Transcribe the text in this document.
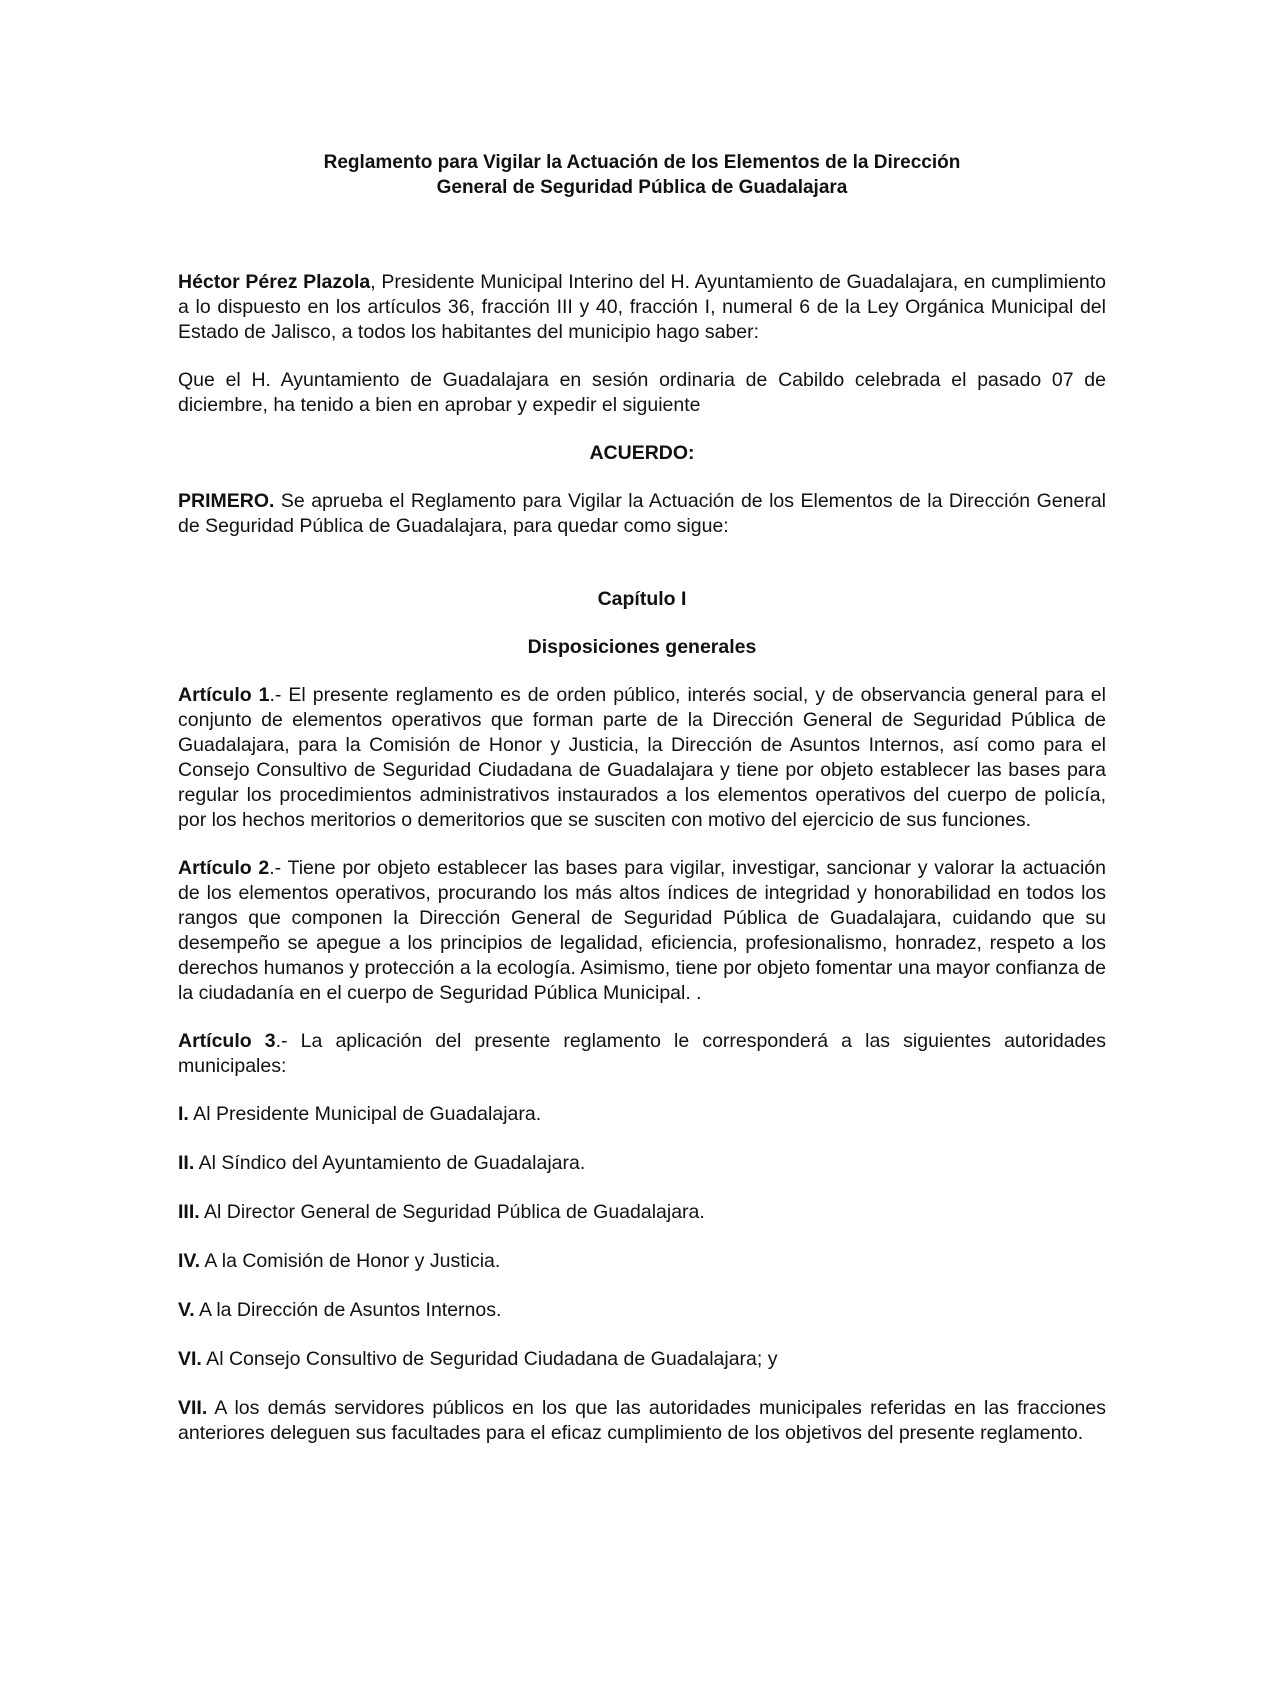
Reglamento para Vigilar la Actuación de los Elementos de la Dirección

General de Seguridad Pública de Guadalajara

Héctor Pérez Plazola, Presidente Municipal Interino del H. Ayuntamiento de Guadalajara, en cumplimiento a lo dispuesto en los artículos 36, fracción III y 40, fracción I, numeral 6 de la Ley Orgánica Municipal del Estado de Jalisco, a todos los habitantes del municipio hago saber:

Que el H. Ayuntamiento de Guadalajara en sesión ordinaria de Cabildo celebrada el pasado 07 de diciembre, ha tenido a bien en aprobar y expedir el siguiente

ACUERDO:

PRIMERO. Se aprueba el Reglamento para Vigilar la Actuación de los Elementos de la Dirección General de Seguridad Pública de Guadalajara, para quedar como sigue:

Capítulo I

Disposiciones generales

Artículo 1.- El presente reglamento es de orden público, interés social, y de observancia general para el conjunto de elementos operativos que forman parte de la Dirección General de Seguridad Pública de Guadalajara, para la Comisión de Honor y Justicia, la Dirección de Asuntos Internos, así como para el Consejo Consultivo de Seguridad Ciudadana de Guadalajara y tiene por objeto establecer las bases para regular los procedimientos administrativos instaurados a los elementos operativos del cuerpo de policía, por los hechos meritorios o demeritorios que se susciten con motivo del ejercicio de sus funciones.

Artículo 2.- Tiene por objeto establecer las bases para vigilar, investigar, sancionar y valorar la actuación de los elementos operativos, procurando los más altos índices de integridad y honorabilidad en todos los rangos que componen la Dirección General de Seguridad Pública de Guadalajara, cuidando que su desempeño se apegue a los principios de legalidad, eficiencia, profesionalismo, honradez, respeto a los derechos humanos y protección a la ecología. Asimismo, tiene por objeto fomentar una mayor confianza de la ciudadanía en el cuerpo de Seguridad Pública Municipal. .

Artículo 3.- La aplicación del presente reglamento le corresponderá a las siguientes autoridades municipales:

I. Al Presidente Municipal de Guadalajara.

II. Al Síndico del Ayuntamiento de Guadalajara.

III. Al Director General de Seguridad Pública de Guadalajara.

IV. A la Comisión de Honor y Justicia.

V. A la Dirección de Asuntos Internos.

VI. Al Consejo Consultivo de Seguridad Ciudadana de Guadalajara; y

VII. A los demás servidores públicos en los que las autoridades municipales referidas en las fracciones anteriores deleguen sus facultades para el eficaz cumplimiento de los objetivos del presente reglamento.
